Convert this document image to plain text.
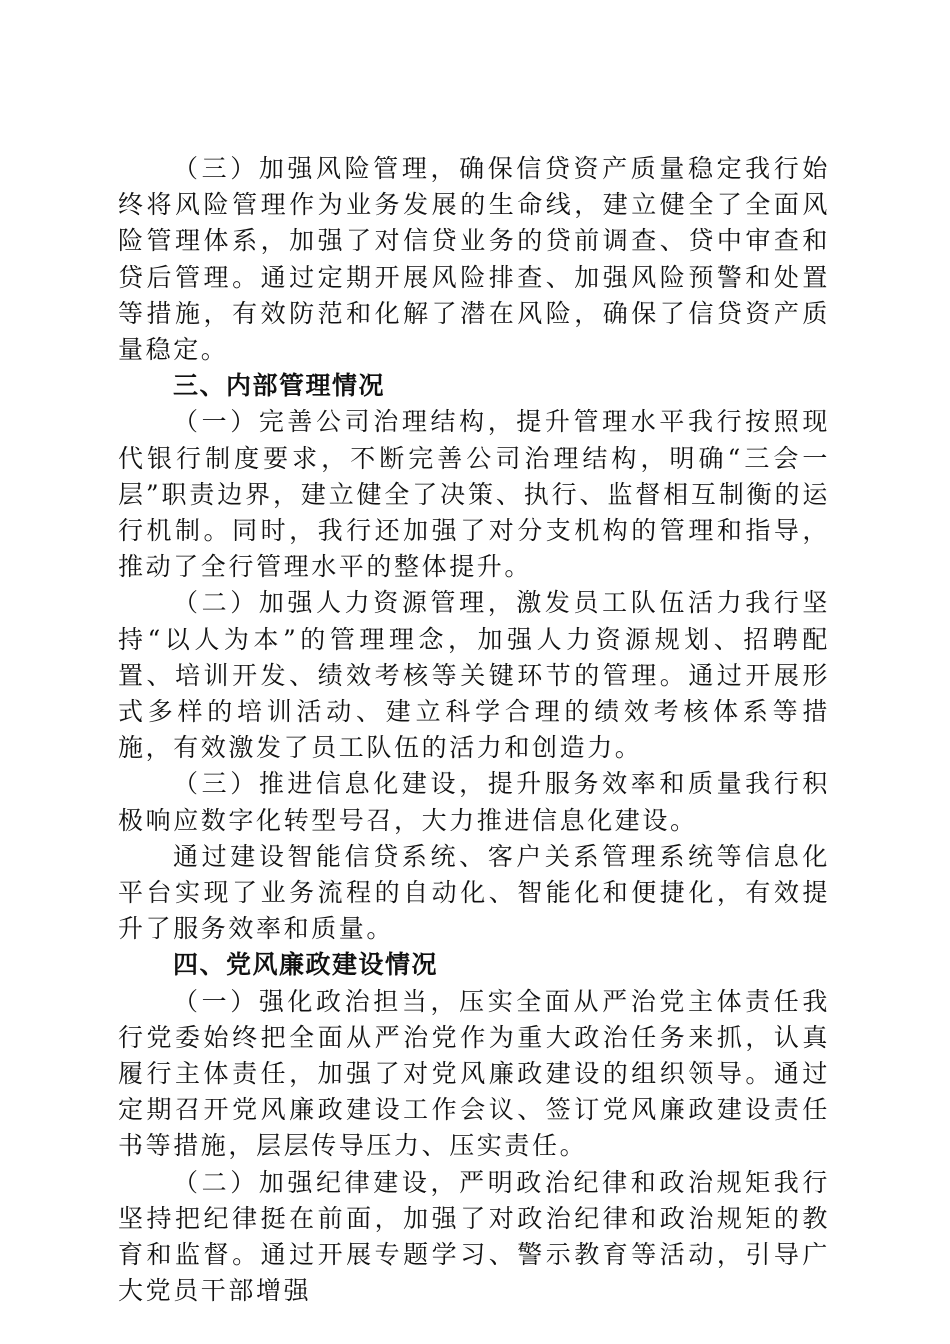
（三）加强风险管理，确保信贷资产质量稳定我行始终将风险管理作为业务发展的生命线，建立健全了全面风险管理体系，加强了对信贷业务的贷前调查、贷中审查和贷后管理。通过定期开展风险排查、加强风险预警和处置等措施，有效防范和化解了潜在风险，确保了信贷资产质量稳定。

三、内部管理情况

（一）完善公司治理结构，提升管理水平我行按照现代银行制度要求，不断完善公司治理结构，明确“三会一层”职责边界，建立健全了决策、执行、监督相互制衡的运行机制。同时，我行还加强了对分支机构的管理和指导，推动了全行管理水平的整体提升。

（二）加强人力资源管理，激发员工队伍活力我行坚持“以人为本”的管理理念，加强人力资源规划、招聘配置、培训开发、绩效考核等关键环节的管理。通过开展形式多样的培训活动、建立科学合理的绩效考核体系等措施，有效激发了员工队伍的活力和创造力。

（三）推进信息化建设，提升服务效率和质量我行积极响应数字化转型号召，大力推进信息化建设。

通过建设智能信贷系统、客户关系管理系统等信息化平台实现了业务流程的自动化、智能化和便捷化，有效提升了服务效率和质量。

四、党风廉政建设情况

（一）强化政治担当，压实全面从严治党主体责任我行党委始终把全面从严治党作为重大政治任务来抓，认真履行主体责任，加强了对党风廉政建设的组织领导。通过定期召开党风廉政建设工作会议、签订党风廉政建设责任书等措施，层层传导压力、压实责任。

（二）加强纪律建设，严明政治纪律和政治规矩我行坚持把纪律挺在前面，加强了对政治纪律和政治规矩的教育和监督。通过开展专题学习、警示教育等活动，引导广大党员干部增强
